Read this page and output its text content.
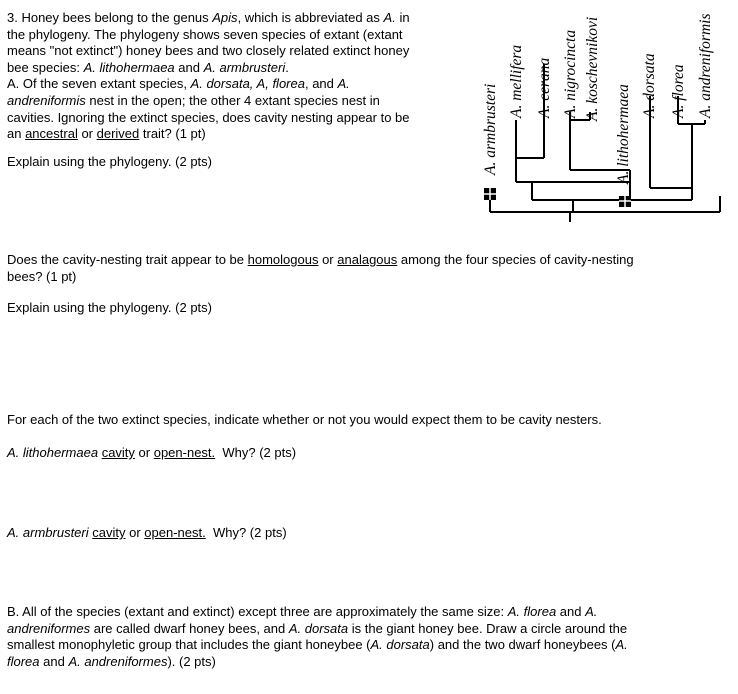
3. Honey bees belong to the genus Apis, which is abbreviated as A. in

the phylogeny. The phylogeny shows seven species of extant (extant

means "not extinct") honey bees and two closely related extinct honey

bee species: A. lithohermaea and A. armbrusteri.

A. Of the seven extant species, A. dorsata, A, florea, and A.

andreniformis nest in the open; the other 4 extant species nest in

cavities. Ignoring the extinct species, does cavity nesting appear to be

an ancestral or derived trait? (1 pt)

Explain using the phylogeny. (2 pts)	A. armbrusteri
A. mellifera A. cerana A. nigrocincta A. koschevnikovi
A. lithohermaea A. dorsata A. florea A. andreniformis

Does the cavity-nesting trait appear to be homologous or analagous among the four species of cavity-nesting

bees? (1 pt)

Explain using the phylogeny. (2 pts)
For each of the two extinct species, indicate whether or not you would expect them to be cavity nesters.
A. lithohermaea cavity or open-nest.  Why? (2 pts)
A. armbrusteri cavity or open-nest.  Why? (2 pts)

B. All of the species (extant and extinct) except three are approximately the same size: A. florea and A.

andreniformes are called dwarf honey bees, and A. dorsata is the giant honey bee. Draw a circle around the

smallest monophyletic group that includes the giant honeybee (A. dorsata) and the two dwarf honeybees (A.

florea and A. andreniformes). (2 pts)
